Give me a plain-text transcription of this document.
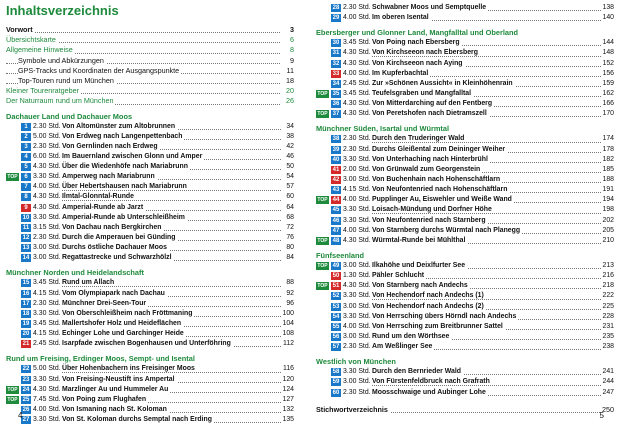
Inhaltsverzeichnis
Vorwort	3
Übersichtskarte	6
Allgemeine Hinweise	8
Symbole und Abkürzungen	9
GPS-Tracks und Koordinaten der Ausgangspunkte	11
Top-Touren rund um München	18
Kleiner Tourenratgeber	20
Der Naturraum rund um München	26
Dachauer Land und Dachauer Moos
1 2.30 Std. Von Altomünster zum Altobrunnen	34
2 5.00 Std. Von Erdweg nach Langenpettenbach	38
3 2.30 Std. Von Gernlinden nach Erdweg	42
4 6.00 Std. Im Bauernland zwischen Glonn und Amper	46
5 4.30 Std. Über die Wiedenhöfe nach Mariabrunn	50
TOP	6 3.30 Std. Amperweg nach Mariabrunn	54
7 4.00 Std. Über Hebertshausen nach Mariabrunn	57
8 4.30 Std. Ilmtal-Glonntal-Runde	60
9 4.30 Std. Amperial-Runde ab Jarzt	64
10 3.30 Std. Amperial-Runde ab Unterschleißheim	68
11 3.15 Std. Von Dachau nach Bergkirchen	72
12 2.30 Std. Durch die Amperauen bei Günding	76
13 3.00 Std. Durchs östliche Dachauer Moos	80
14 3.00 Std. Regattastrecke und Schwarzhölzl	84
Münchner Norden und Heidelandschaft
15 3.45 Std. Rund um Allach	88
16 4.15 Std. Vom Olympiapark nach Dachau	92
17 2.30 Std. Münchner Drei-Seen-Tour	96
18 3.30 Std. Von Oberschleißheim nach Fröttmaning	100
19 3.45 Std. Mallertshofer Holz und Heideflächen	104
20 4.15 Std. Echinger Lohe und Garchinger Heide	108
21 2.45 Std. Isarpfade zwischen Bogenhausen und Unterföhring	112
Rund um Freising, Erdinger Moos, Sempt- und Isental
22 5.00 Std. Über Hohenbachern ins Freisinger Moos	116
23 3.30 Std. Von Freising-Neustift ins Ampertal	120
TOP 24 4.30 Std. Marzlinger Au und Hummeler Au	124
TOP 25 7.45 Std. Von Poing zum Flughafen	127
26 4.00 Std. Von Ismaning nach St. Koloman	132
27 3.30 Std. Von St. Koloman durchs Semptal nach Erding	135
4
28 2.30 Std. Schwabner Moos und Semptquelle	138
29 4.00 Std. Im oberen Isental	140
Ebersberger und Glonner Land, Mangfalltal und Oberland
30 3.45 Std. Von Poing nach Ebersberg	144
31 4.30 Std. Von Kirchseeon nach Ebersberg	148
32 4.30 Std. Von Kirchseeon nach Aying	152
33 4.00 Std. Im Kupferbachtal	156
34 2.45 Std. Zur »Schönen Aussicht« in Kleinhöhenrain	159
TOP 35 3.45 Std. Teufelsgraben und Mangfalltal	162
36 4.30 Std. Von Mitterdarching auf den Fentberg	166
TOP 37 4.30 Std. Von Peretshofen nach Dietramszell	170
Münchner Süden, Isartal und Würmtal
38 2.30 Std. Durch den Truderinger Wald	174
39 2.30 Std. Durchs Gleißental zum Deininger Weiher	178
40 3.30 Std. Von Unterhaching nach Hinterbrühl	182
41 2.00 Std. Von Grünwald zum Georgenstein	185
42 3.00 Std. Von Buchenhain nach Hohenschäftlarn	188
43 4.15 Std. Von Neufontenried nach Hohenschäftlarn	191
TOP 44 4.00 Std. Pupplinger Au, Eiswehler und Weiße Wand	194
45 3.30 Std. Loisach-Mündung und Dorfner Höhe	198
46 3.30 Std. Von Neufontenried nach Starnberg	202
47 4.00 Std. Von Starnberg durchs Würmtal nach Planegg	205
TOP 48 4.30 Std. Würmtal-Runde bei Mühlthal	210
Fünfseenland
TOP 49 3.00 Std. Ilkahöhe und Deixlfurter See	213
50 1.30 Std. Pähler Schlucht	216
TOP 51 4.30 Std. Von Starnberg nach Andechs	218
52 3.30 Std. Von Hechendorf nach Andechs (1)	222
53 3.00 Std. Von Hechendorf nach Andechs (2)	225
54 3.30 Std. Von Herrsching übers Hörndl nach Andechs	228
55 4.00 Std. Von Herrsching zum Breitbrunner Sattel	231
56 3.00 Std. Rund um den Wörthsee	235
57 2.30 Std. Am Weßlinger See	238
Westlich von München
58 3.30 Std. Durch den Bernrieder Wald	241
59 3.00 Std. Von Fürstenfeldbruck nach Grafrath	244
60 2.30 Std. Moosschwaige und Aubinger Lohe	247
Stichwortverzeichnis	250
5
